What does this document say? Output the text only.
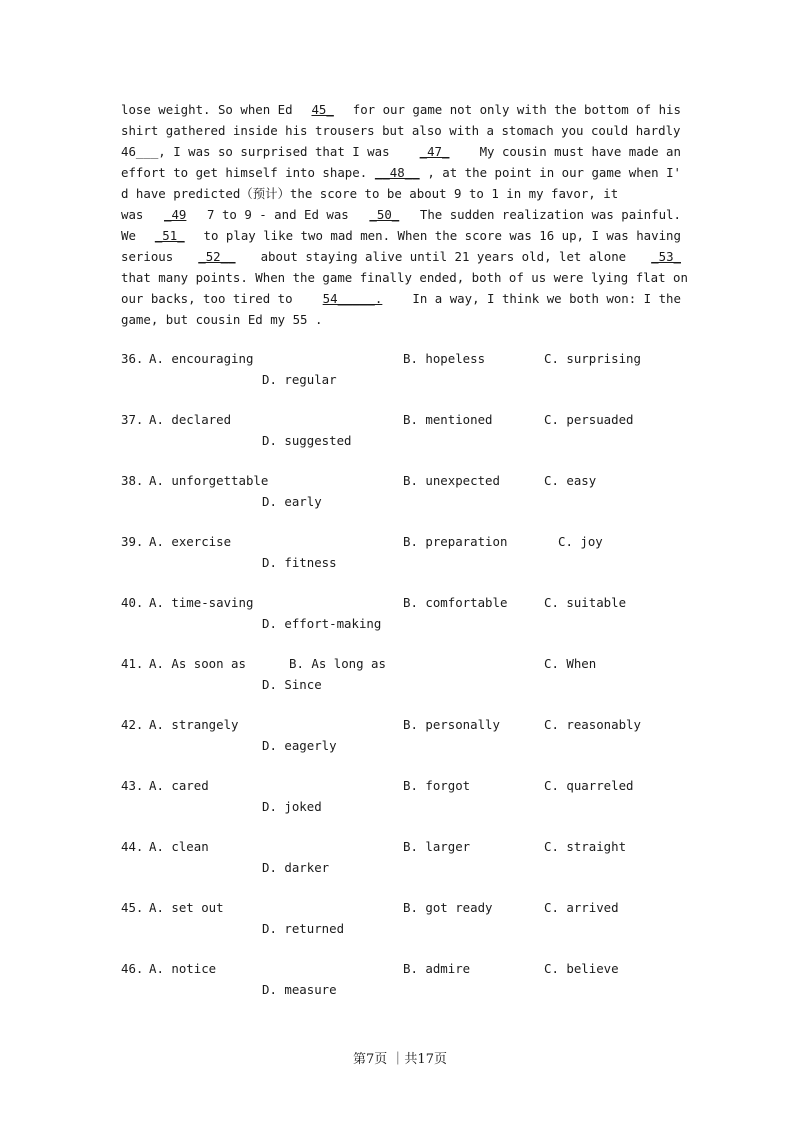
lose weight. So when Ed 45_ for our game not only with the bottom of his
shirt gathered inside his trousers but also with a stomach you could hardly
46___, I was so surprised that I was _47_ My cousin must have made an
effort to get himself into shape. __48__ , at the point in our game when I'
d have predicted（预计）the score to be about 9 to 1 in my favor, it
was _49 7 to 9 - and Ed was _50_ The sudden realization was painful.
We _51_ to play like two mad men. When the score was 16 up, I was having
serious _52__ about staying alive until 21 years old, let alone _53_
that many points. When the game finally ended, both of us were lying flat on
our backs, too tired to 54_____. In a way, I think we both won: I the
game, but cousin Ed my 55 .
36. A. encouraging	B. hopeless	C. surprising
D. regular
37. A. declared	B. mentioned	C. persuaded
D. suggested
38. A. unforgettable	B. unexpected	C. easy
D. early
39. A. exercise	B. preparation	C. joy
D. fitness
40. A. time-saving	B. comfortable	C. suitable
D. effort-making
41. A. As soon as	B. As long as	C. When
D. Since
42. A. strangely	B. personally	C. reasonably
D. eagerly
43. A. cared	B. forgot	C. quarreled
D. joked
44. A. clean	B. larger	C. straight
D. darker
45. A. set out	B. got ready	C. arrived
D. returned
46. A. notice	B. admire	C. believe
D. measure
第7页 ｜共17页
